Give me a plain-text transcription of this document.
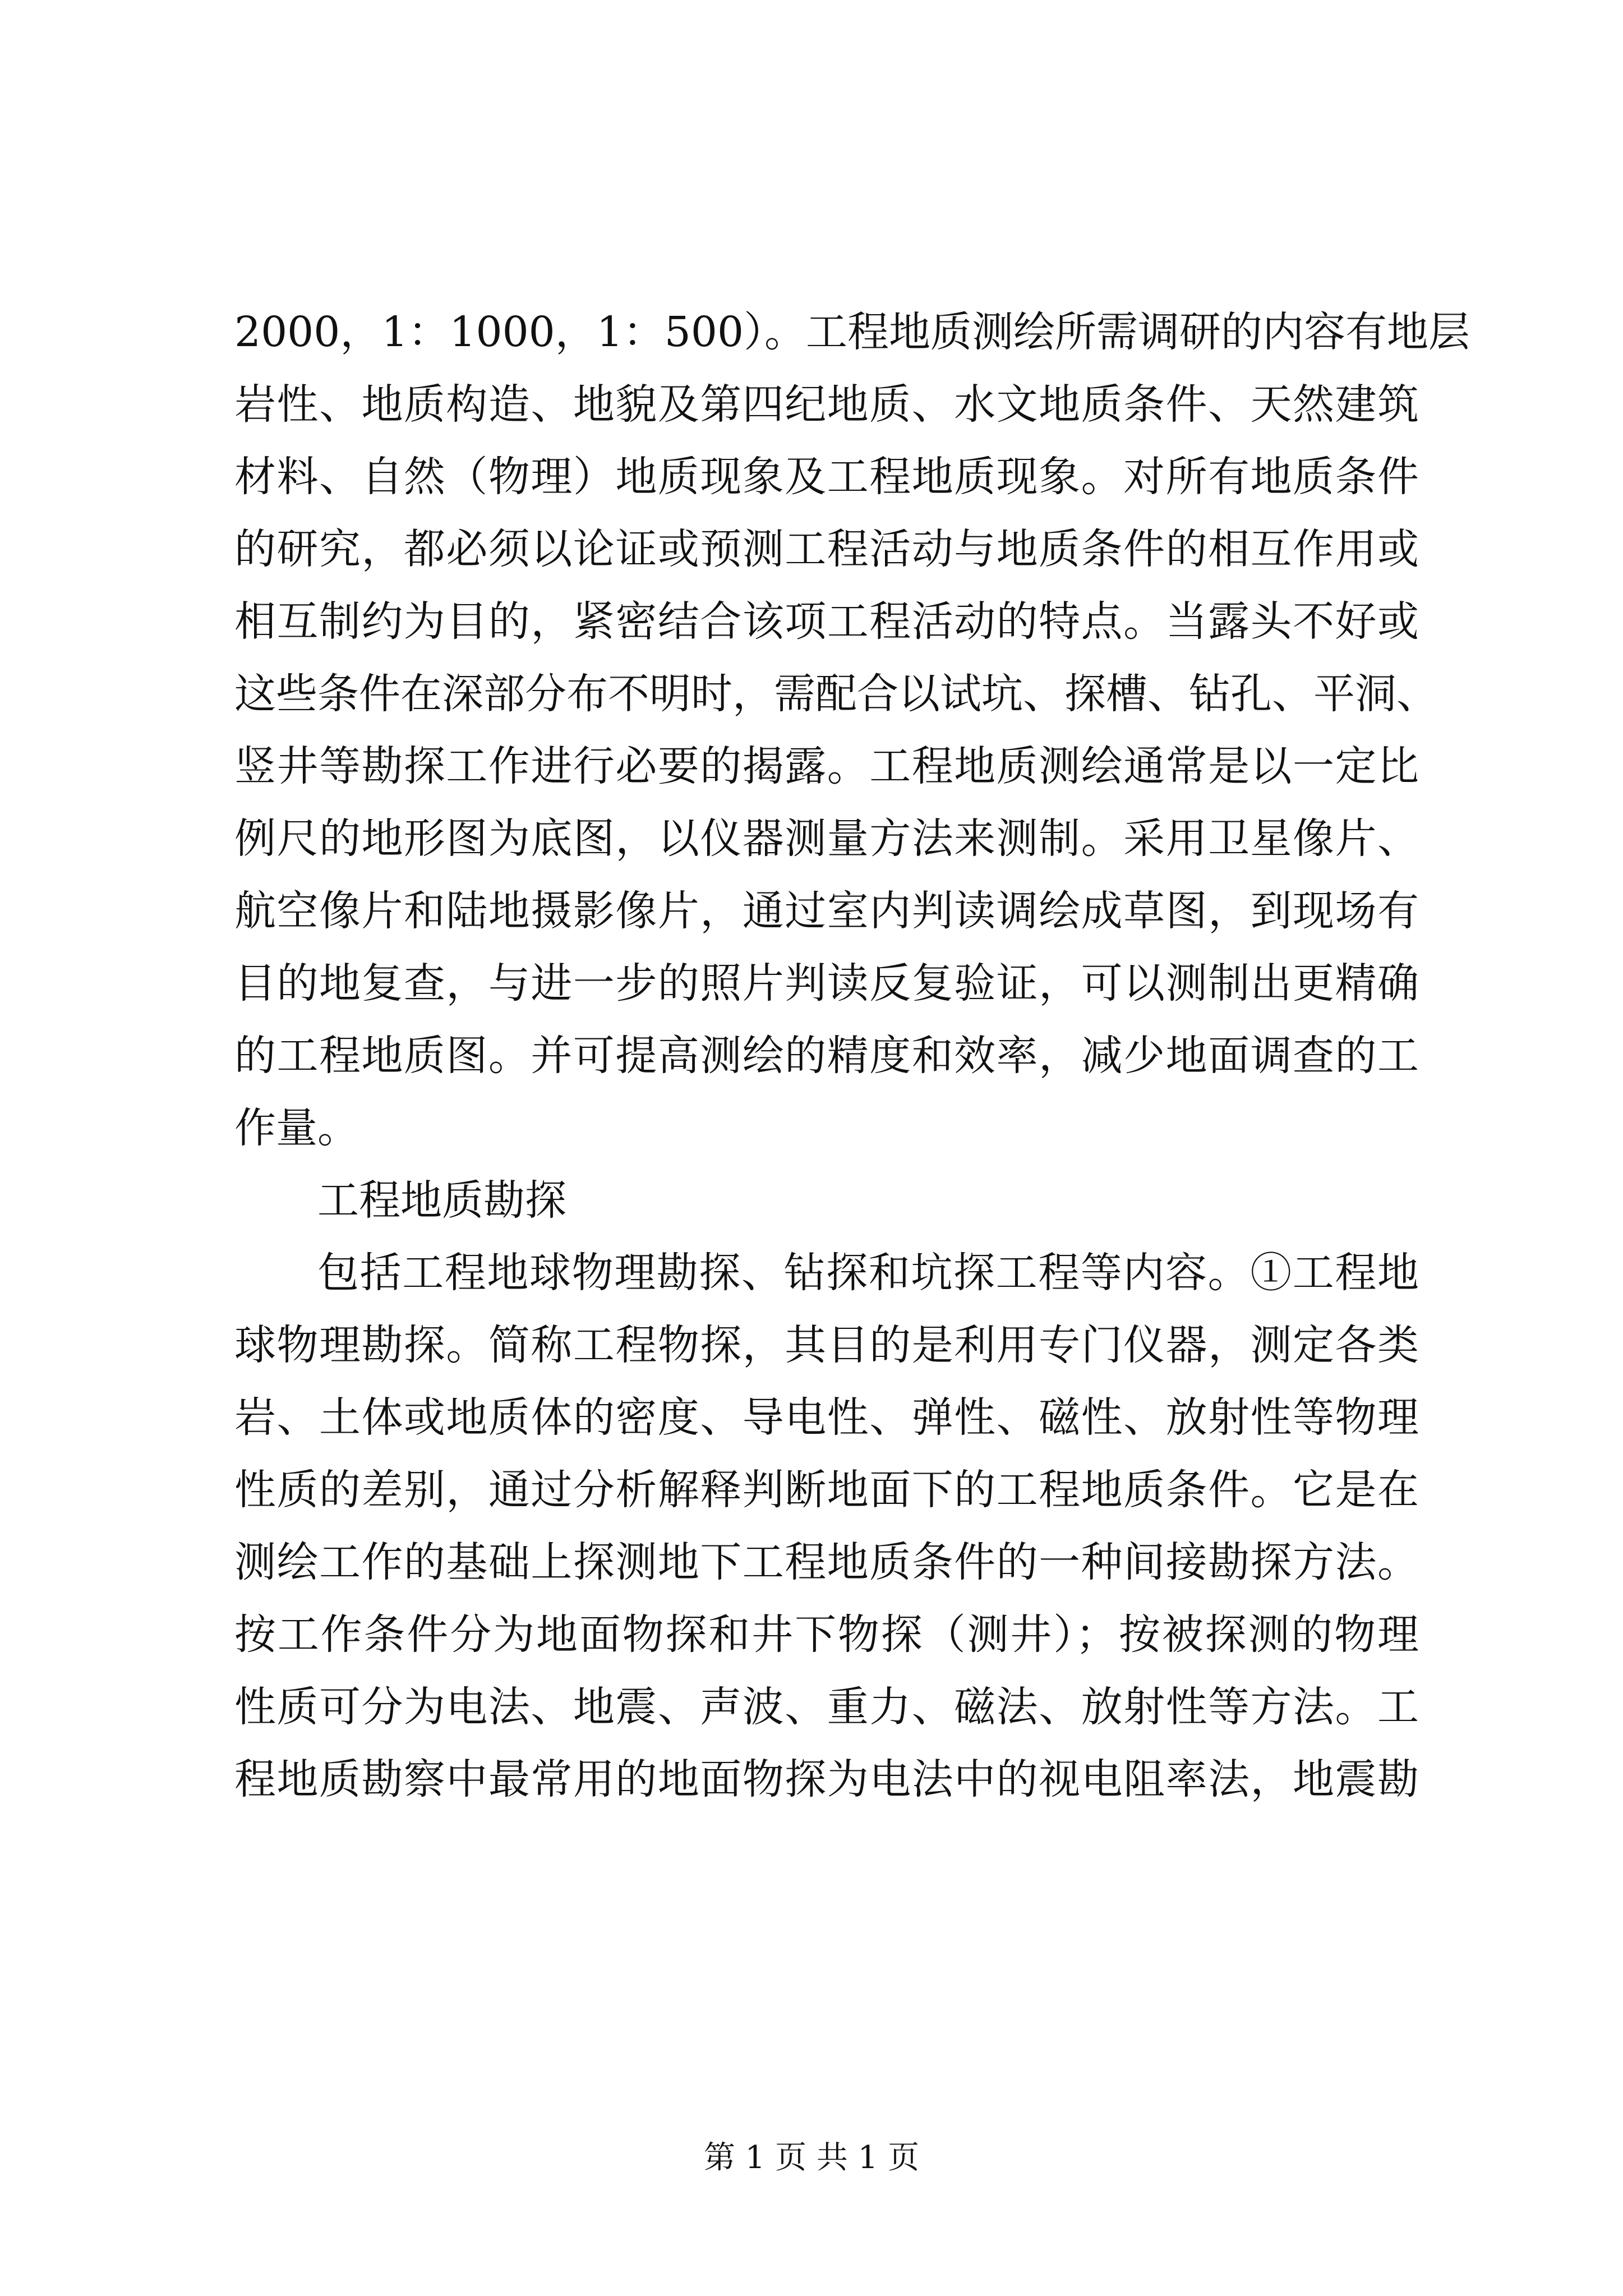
2000，1：1000，1：500）。工程地质测绘所需调研的内容有地层
岩性、地质构造、地貌及第四纪地质、水文地质条件、天然建筑
材料、自然（物理）地质现象及工程地质现象。对所有地质条件
的研究，都必须以论证或预测工程活动与地质条件的相互作用或
相互制约为目的，紧密结合该项工程活动的特点。当露头不好或
这些条件在深部分布不明时，需配合以试坑、探槽、钻孔、平洞、
竖井等勘探工作进行必要的揭露。工程地质测绘通常是以一定比
例尺的地形图为底图，以仪器测量方法来测制。采用卫星像片、
航空像片和陆地摄影像片，通过室内判读调绘成草图，到现场有
目的地复查，与进一步的照片判读反复验证，可以测制出更精确
的工程地质图。并可提高测绘的精度和效率，减少地面调查的工
作量。
工程地质勘探
包括工程地球物理勘探、钻探和坑探工程等内容。①工程地
球物理勘探。简称工程物探，其目的是利用专门仪器，测定各类
岩、土体或地质体的密度、导电性、弹性、磁性、放射性等物理
性质的差别，通过分析解释判断地面下的工程地质条件。它是在
测绘工作的基础上探测地下工程地质条件的一种间接勘探方法。
按工作条件分为地面物探和井下物探（测井）；按被探测的物理
性质可分为电法、地震、声波、重力、磁法、放射性等方法。工
程地质勘察中最常用的地面物探为电法中的视电阻率法，地震勘
第 1 页 共 1 页
